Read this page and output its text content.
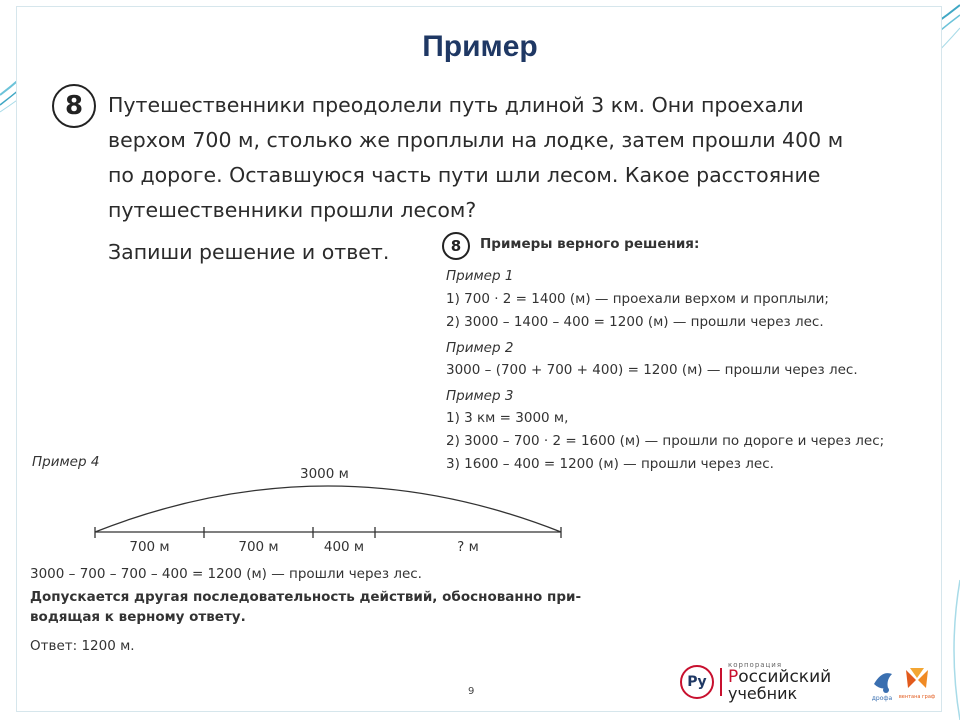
Пример
8	Путешественники преодолели путь длиной 3 км. Они проехали
верхом 700 м, столько же проплыли на лодке, затем прошли 400 м
по дороге. Оставшуюся часть пути шли лесом. Какое расстояние
путешественники прошли лесом?
Запиши решение и ответ.	8	Примеры верного решения:
Пример 1
1) 700 · 2 = 1400 (м) — проехали верхом и проплыли;
2) 3000 – 1400 – 400 = 1200 (м) — прошли через лес.
Пример 2
3000 – (700 + 700 + 400) = 1200 (м) — прошли через лес.
Пример 3
1) 3 км = 3000 м,
2) 3000 – 700 · 2 = 1600 (м) — прошли по дороге и через лес;
3) 1600 – 400 = 1200 (м) — прошли через лес.
Пример 4
3000 м
700 м	700 м	400 м	? м
3000 – 700 – 700 – 400 = 1200 (м) — прошли через лес.
Допускается другая последовательность действий, обоснованно при-
водящая к верному ответу.
Ответ: 1200 м.
9
Ру
корпорация
Российский
учебник	дрофа вентана граф
